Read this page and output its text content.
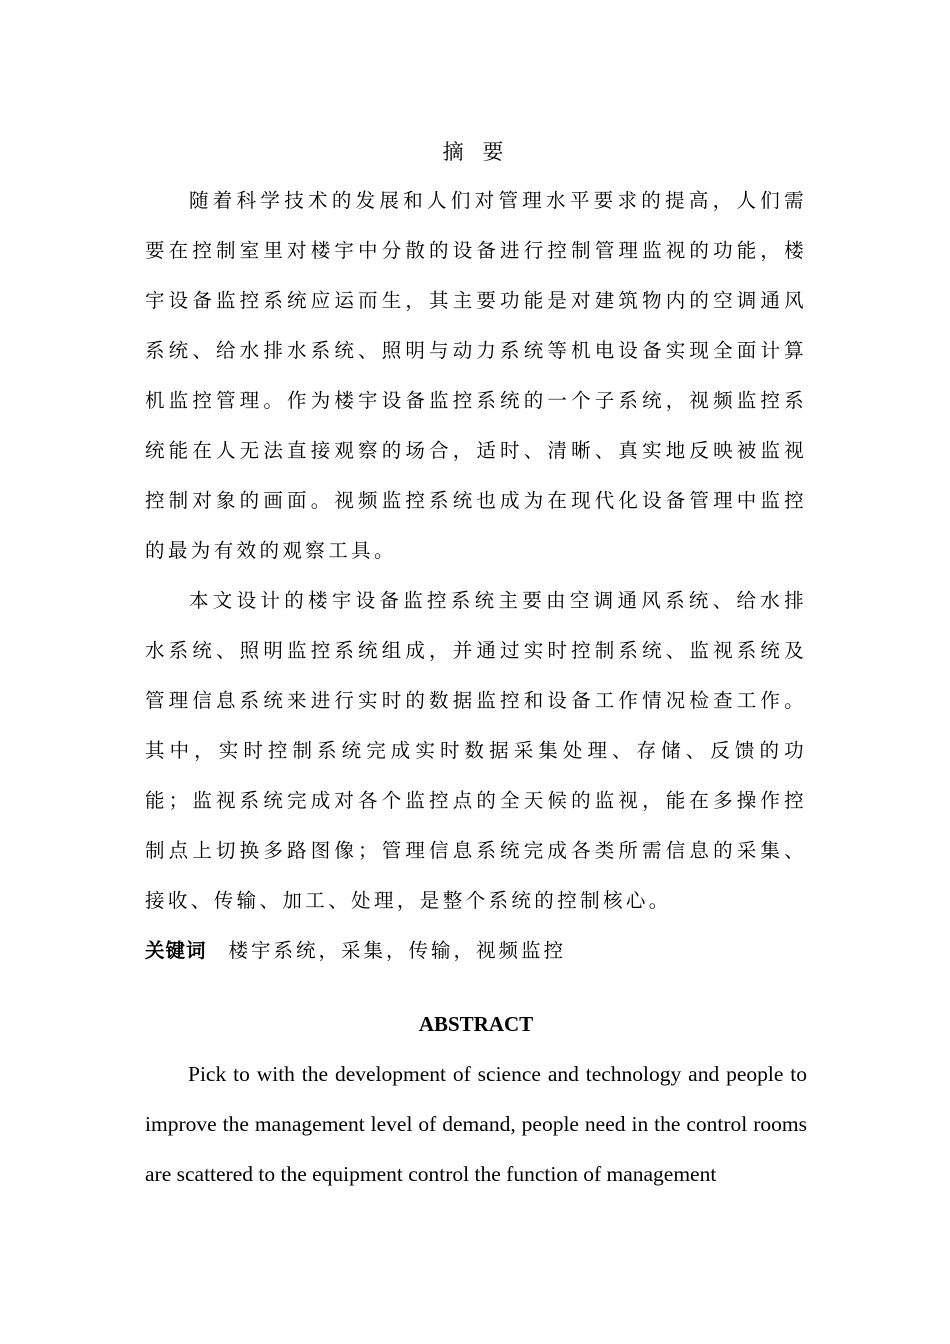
摘 要

随着科学技术的发展和人们对管理水平要求的提高，人们需要在控制室里对楼宇中分散的设备进行控制管理监视的功能，楼宇设备监控系统应运而生，其主要功能是对建筑物内的空调通风系统、给水排水系统、照明与动力系统等机电设备实现全面计算机监控管理。作为楼宇设备监控系统的一个子系统，视频监控系统能在人无法直接观察的场合，适时、清晰、真实地反映被监视控制对象的画面。视频监控系统也成为在现代化设备管理中监控的最为有效的观察工具。

本文设计的楼宇设备监控系统主要由空调通风系统、给水排水系统、照明监控系统组成，并通过实时控制系统、监视系统及管理信息系统来进行实时的数据监控和设备工作情况检查工作。其中，实时控制系统完成实时数据采集处理、存储、反馈的功能；监视系统完成对各个监控点的全天候的监视，能在多操作控制点上切换多路图像；管理信息系统完成各类所需信息的采集、接收、传输、加工、处理，是整个系统的控制核心。

关键词 楼宇系统，采集，传输，视频监控

ABSTRACT

Pick to with the development of science and technology and people to improve the management level of demand, people need in the control rooms are scattered to the equipment control the function of management
